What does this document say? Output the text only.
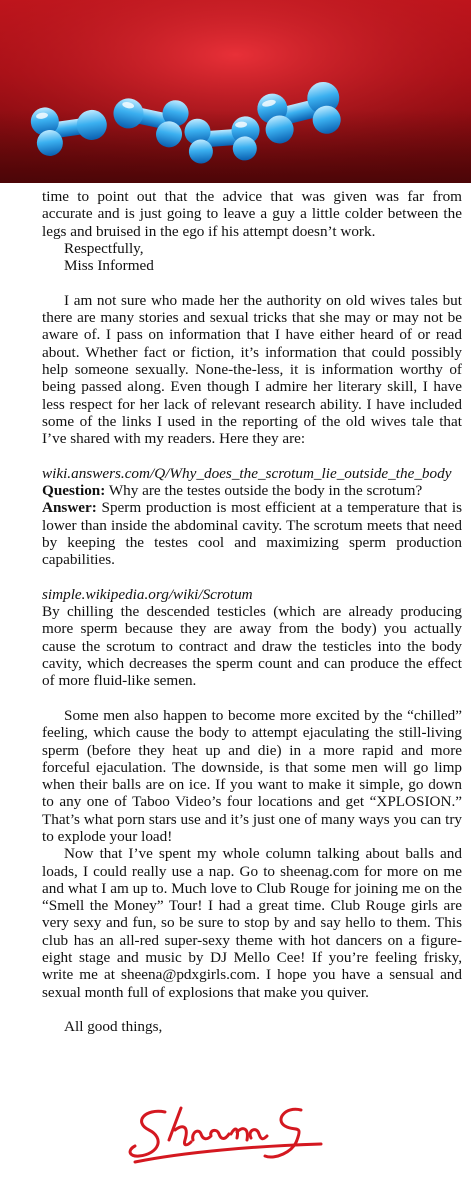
time to point out that the advice that was given was far from accurate and is just going to leave a guy a little colder between the legs and bruised in the ego if his attempt doesn’t work.

Respectfully,

Miss Informed

I am not sure who made her the authority on old wives tales but there are many stories and sexual tricks that she may or may not be aware of. I pass on information that I have either heard of or read about. Whether fact or fiction, it’s information that could possibly help someone sexually. None-the-less, it is information worthy of being passed along. Even though I admire her literary skill, I have less respect for her lack of relevant research ability. I have included some of the links I used in the reporting of the old wives tale that I’ve shared with my readers. Here they are:

wiki.answers.com/Q/Why_does_the_scrotum_lie_outside_the_body

Question: Why are the testes outside the body in the scrotum?

Answer: Sperm production is most efficient at a temperature that is lower than inside the abdominal cavity. The scrotum meets that need by keeping the testes cool and maximizing sperm production capabilities.

simple.wikipedia.org/wiki/Scrotum

By chilling the descended testicles (which are already producing more sperm because they are away from the body) you actually cause the scrotum to contract and draw the testicles into the body cavity, which decreases the sperm count and can produce the effect of more fluid-like semen.

Some men also happen to become more excited by the “chilled” feeling, which cause the body to attempt ejaculating the still-living sperm (before they heat up and die) in a more rapid and more forceful ejaculation. The downside, is that some men will go limp when their balls are on ice. If you want to make it simple, go down to any one of Taboo Video’s four locations and get “XPLOSION.” That’s what porn stars use and it’s just one of many ways you can try to explode your load!

Now that I’ve spent my whole column talking about balls and loads, I could really use a nap. Go to sheenag.com for more on me and what I am up to. Much love to Club Rouge for joining me on the “Smell the Money” Tour! I had a great time. Club Rouge girls are very sexy and fun, so be sure to stop by and say hello to them. This club has an all-red super-sexy theme with hot dancers on a figure-eight stage and music by DJ Mello Cee! If you’re feeling frisky, write me at sheena@pdxgirls.com. I hope you have a sensual and sexual month full of explosions that make you quiver.

All good things,
